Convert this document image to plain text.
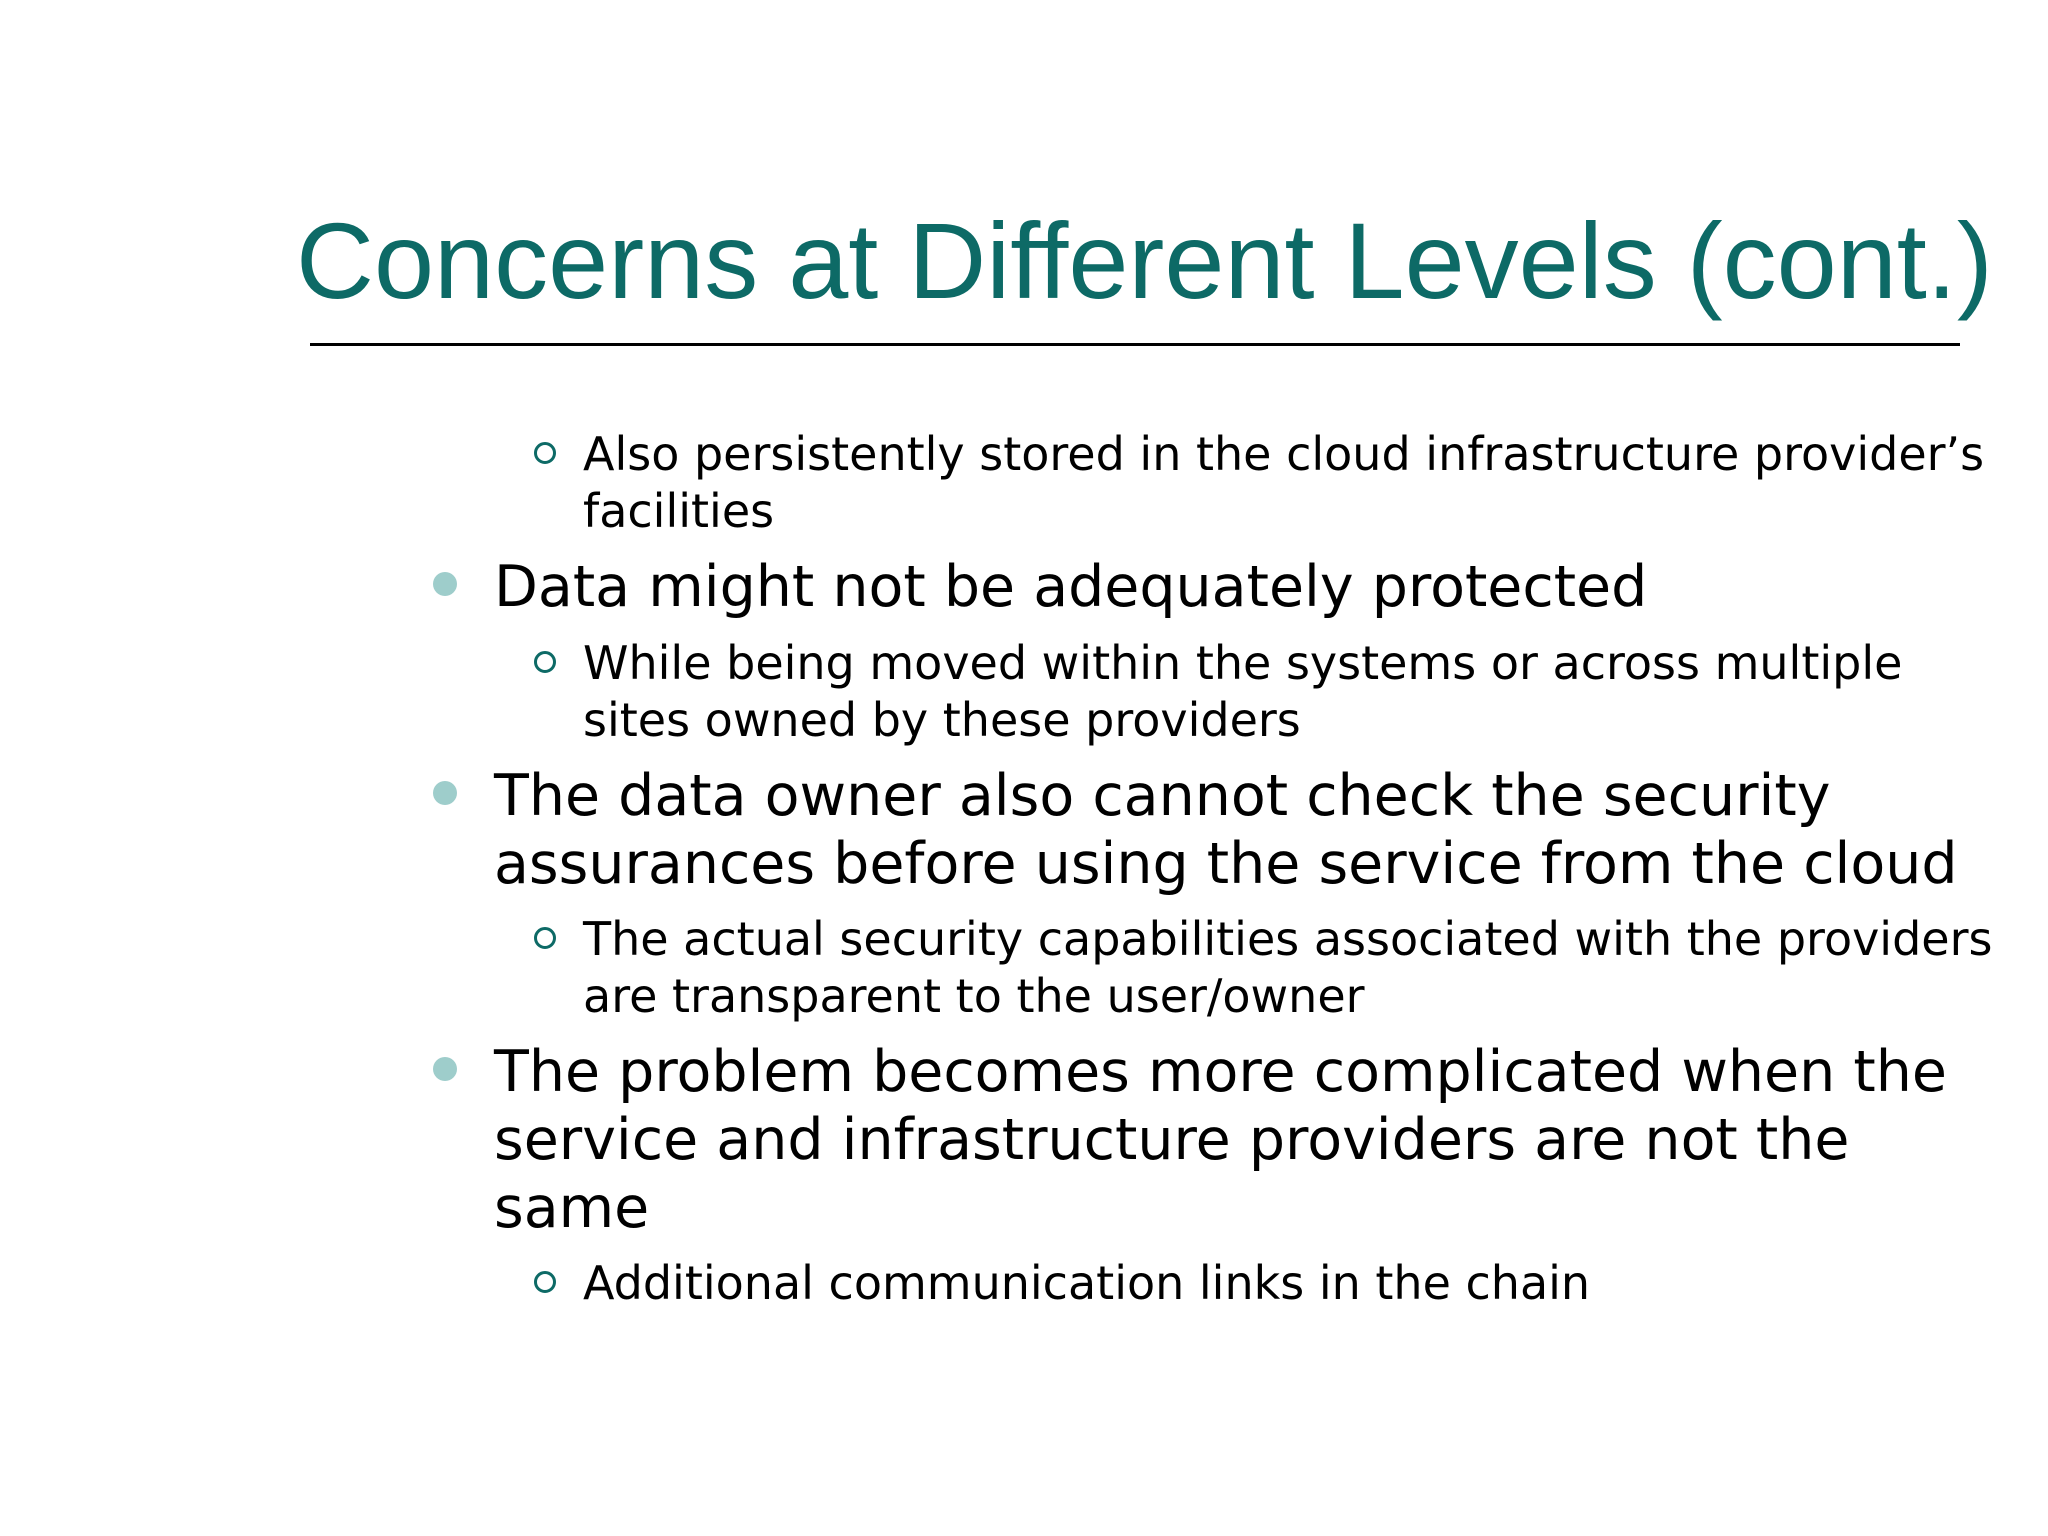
Concerns at Different Levels (cont.)
Also persistently stored in the cloud infrastructure provider’s facilities
Data might not be adequately protected
While being moved within the systems or across multiple sites owned by these providers
The data owner also cannot check the security assurances before using the service from the cloud
The actual security capabilities associated with the providers are transparent to the user/owner
The problem becomes more complicated when the service and infrastructure providers are not the same
Additional communication links in the chain
